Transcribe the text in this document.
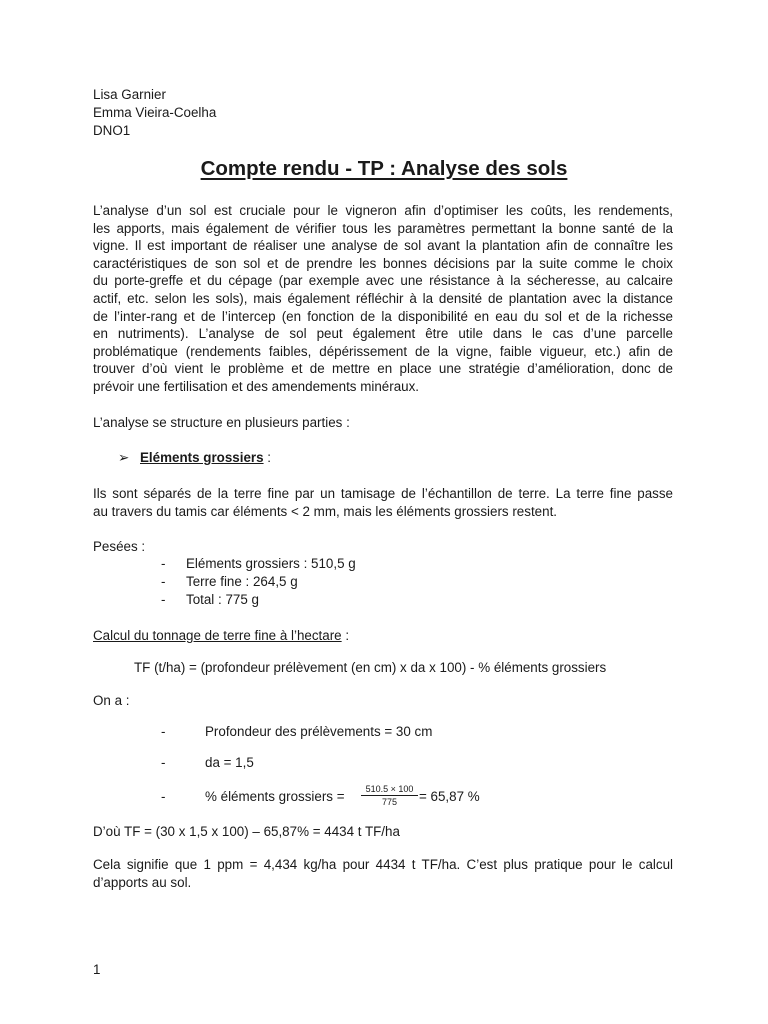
Lisa Garnier
Emma Vieira-Coelha
DNO1
Compte rendu - TP : Analyse des sols
L’analyse d’un sol est cruciale pour le vigneron afin d’optimiser les coûts, les rendements,
les apports, mais également de vérifier tous les paramètres permettant la bonne santé de la
vigne. Il est important de réaliser une analyse de sol avant la plantation afin de connaître les
caractéristiques de son sol et de prendre les bonnes décisions par la suite comme le choix
du porte-greffe et du cépage (par exemple avec une résistance à la sécheresse, au calcaire
actif, etc. selon les sols), mais également réfléchir à la densité de plantation avec la distance
de l’inter-rang et de l’intercep (en fonction de la disponibilité en eau du sol et de la richesse
en nutriments). L’analyse de sol peut également être utile dans le cas d’une parcelle
problématique (rendements faibles, dépérissement de la vigne, faible vigueur, etc.) afin de
trouver d’où vient le problème et de mettre en place une stratégie d’amélioration, donc de
prévoir une fertilisation et des amendements minéraux.
L’analyse se structure en plusieurs parties :
➢ Eléments grossiers :
Ils sont séparés de la terre fine par un tamisage de l’échantillon de terre. La terre fine passe
au travers du tamis car éléments < 2 mm, mais les éléments grossiers restent.
Pesées :
- Eléments grossiers : 510,5 g
- Terre fine : 264,5 g
- Total : 775 g
Calcul du tonnage de terre fine à l’hectare :
TF (t/ha) = (profondeur prélèvement (en cm) x da x 100) - % éléments grossiers
On a :
-	Profondeur des prélèvements = 30 cm
-	da = 1,5
-	% éléments grossiers =	= 65,87 %
$\frac{510.5 \times 100}{775}$
D’où TF = (30 x 1,5 x 100) – 65,87% = 4434 t TF/ha
Cela signifie que 1 ppm = 4,434 kg/ha pour 4434 t TF/ha. C’est plus pratique pour le calcul
d’apports au sol.
1
